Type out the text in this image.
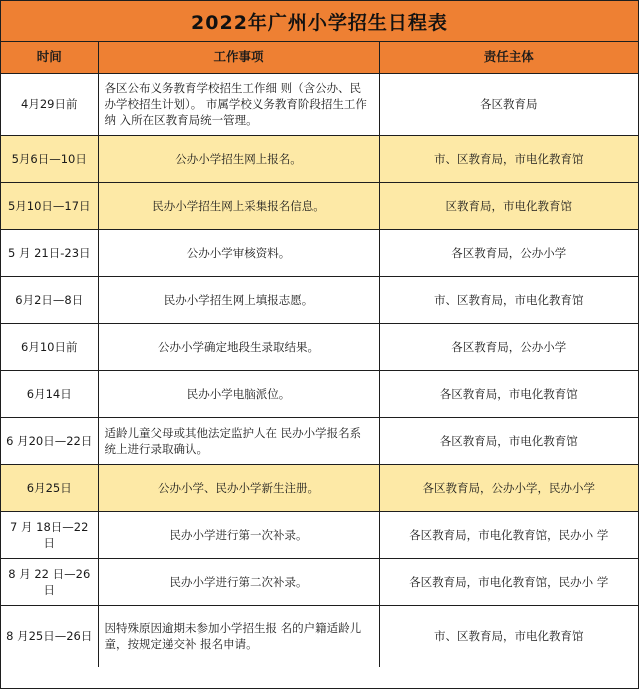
2022年广州小学招生日程表
时间	工作事项	责任主体
4月29日前	各区公布义务教育学校招生工作细 则（含公办、民办学校招生计划）。 市属学校义务教育阶段招生工作纳 入所在区教育局统一管理。	各区教育局
5月6日—10日	公办小学招生网上报名。	市、区教育局，市电化教育馆
5月10日—17日	民办小学招生网上采集报名信息。	区教育局，市电化教育馆
5 月 21日-23日	公办小学审核资料。	各区教育局，公办小学
6月2日—8日	民办小学招生网上填报志愿。	市、区教育局，市电化教育馆
6月10日前	公办小学确定地段生录取结果。	各区教育局，公办小学
6月14日	民办小学电脑派位。	各区教育局，市电化教育馆
6 月20日—22日	适龄儿童父母或其他法定监护人在 民办小学报名系统上进行录取确认。	各区教育局，市电化教育馆
6月25日	公办小学、民办小学新生注册。	各区教育局，公办小学，民办小学
7 月 18日—22 日	民办小学进行第一次补录。	各区教育局，市电化教育馆，民办小 学
8 月 22 日—26日	民办小学进行第二次补录。	各区教育局，市电化教育馆，民办小 学
8 月25日—26日	因特殊原因逾期未参加小学招生报 名的户籍适龄儿童，按规定递交补 报名申请。	市、区教育局，市电化教育馆
